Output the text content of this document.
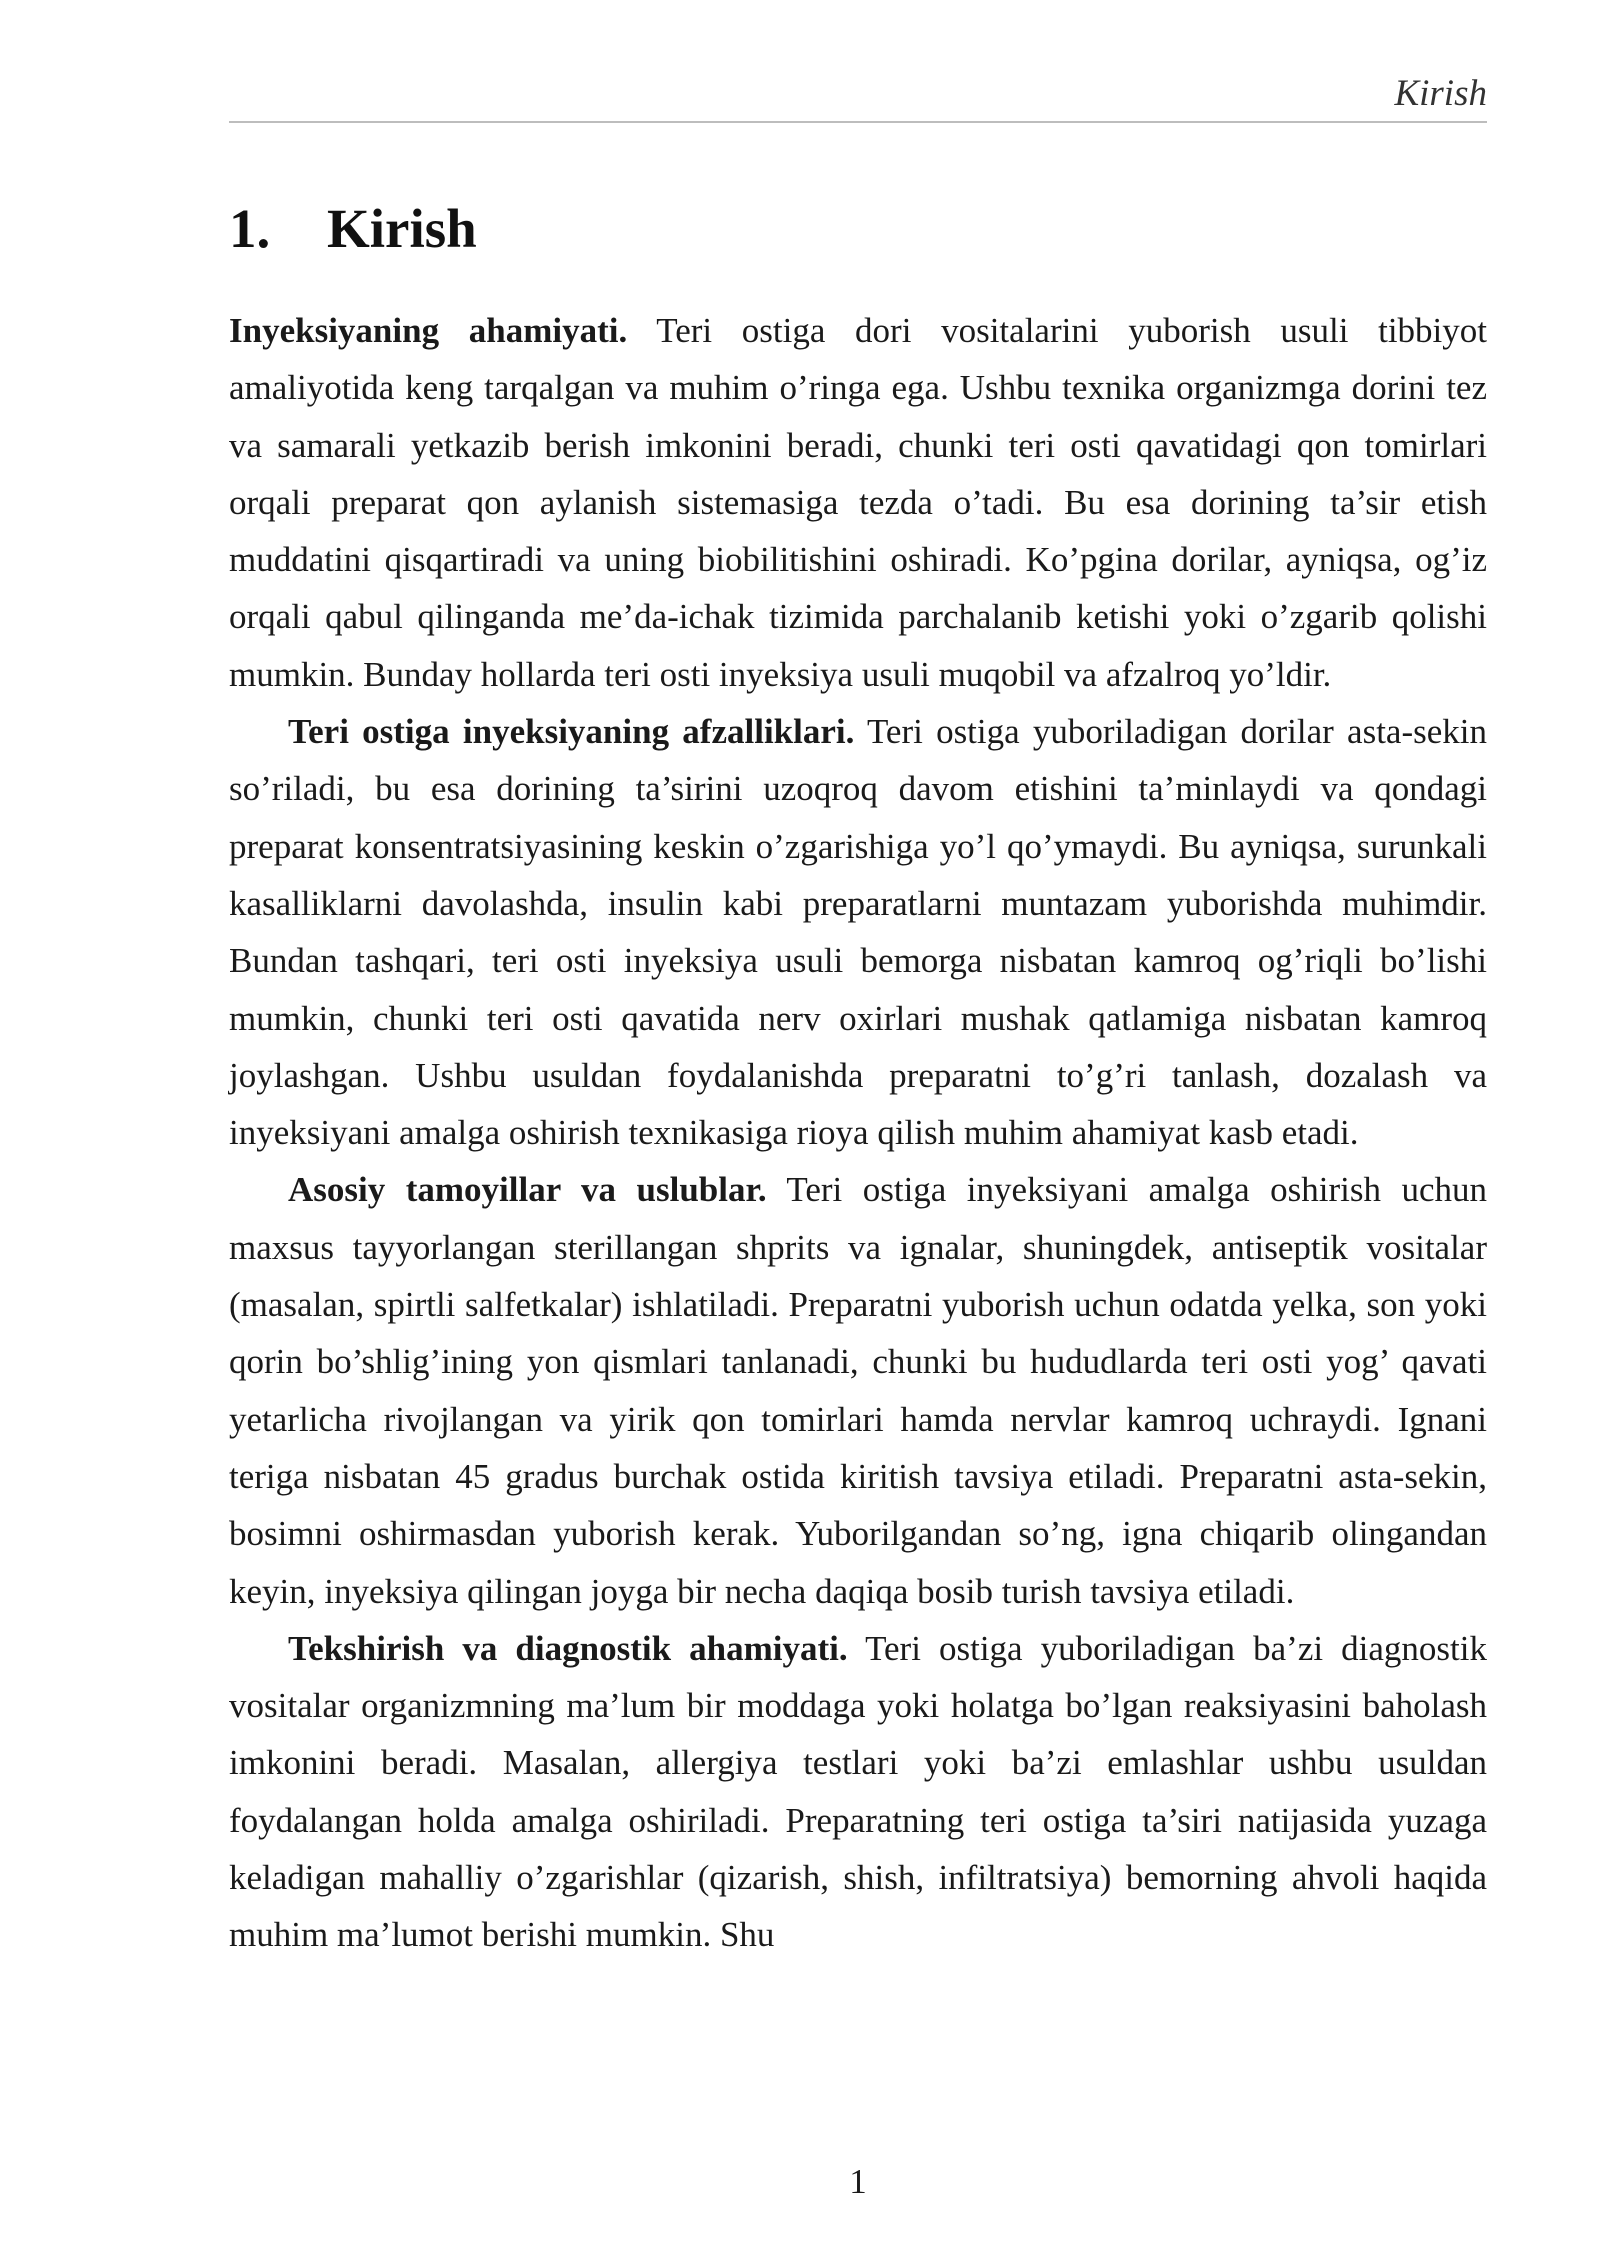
Kirish
1. Kirish

Inyeksiyaning ahamiyati. Teri ostiga dori vositalarini yuborish usuli tibbiyot amaliyotida keng tarqalgan va muhim o’ringa ega. Ushbu texnika organizmga dorini tez va samarali yetkazib berish imkonini beradi, chunki teri osti qavatidagi qon tomirlari orqali preparat qon aylanish sistemasiga tezda o’tadi. Bu esa dorining ta’sir etish muddatini qisqartiradi va uning biobilitishini oshiradi. Ko’pgina dorilar, ayniqsa, og’iz orqali qabul qilinganda me’da-ichak tizimida parchalanib ketishi yoki o’zgarib qolishi mumkin. Bunday hollarda teri osti inyeksiya usuli muqobil va afzalroq yo’ldir.

Teri ostiga inyeksiyaning afzalliklari. Teri ostiga yuboriladigan dorilar asta-sekin so’riladi, bu esa dorining ta’sirini uzoqroq davom etishini ta’minlaydi va qondagi preparat konsentratsiyasining keskin o’zgarishiga yo’l qo’ymaydi. Bu ayniqsa, surunkali kasalliklarni davolashda, insulin kabi preparatlarni muntazam yuborishda muhimdir. Bundan tashqari, teri osti inyeksiya usuli bemorga nisbatan kamroq og’riqli bo’lishi mumkin, chunki teri osti qavatida nerv oxirlari mushak qatlamiga nisbatan kamroq joylashgan. Ushbu usuldan foydalanishda preparatni to’g’ri tanlash, dozalash va inyeksiyani amalga oshirish texnikasiga rioya qilish muhim ahamiyat kasb etadi.

Asosiy tamoyillar va uslublar. Teri ostiga inyeksiyani amalga oshirish uchun maxsus tayyorlangan sterillangan shprits va ignalar, shuningdek, antiseptik vositalar (masalan, spirtli salfetkalar) ishlatiladi. Preparatni yuborish uchun odatda yelka, son yoki qorin bo’shlig’ining yon qismlari tanlanadi, chunki bu hududlarda teri osti yog’ qavati yetarlicha rivojlangan va yirik qon tomirlari hamda nervlar kamroq uchraydi. Ignani teriga nisbatan 45 gradus burchak ostida kiritish tavsiya etiladi. Preparatni asta-sekin, bosimni oshirmasdan yuborish kerak. Yuborilgandan so’ng, igna chiqarib olingandan keyin, inyeksiya qilingan joyga bir necha daqiqa bosib turish tavsiya etiladi.

Tekshirish va diagnostik ahamiyati. Teri ostiga yuboriladigan ba’zi diagnostik vositalar organizmning ma’lum bir moddaga yoki holatga bo’lgan reaksiyasini baholash imkonini beradi. Masalan, allergiya testlari yoki ba’zi emlashlar ushbu usuldan foydalangan holda amalga oshiriladi. Preparatning teri ostiga ta’siri natijasida yuzaga keladigan mahalliy o’zgarishlar (qizarish, shish, infiltratsiya) bemorning ahvoli haqida muhim ma’lumot berishi mumkin. Shu

1
